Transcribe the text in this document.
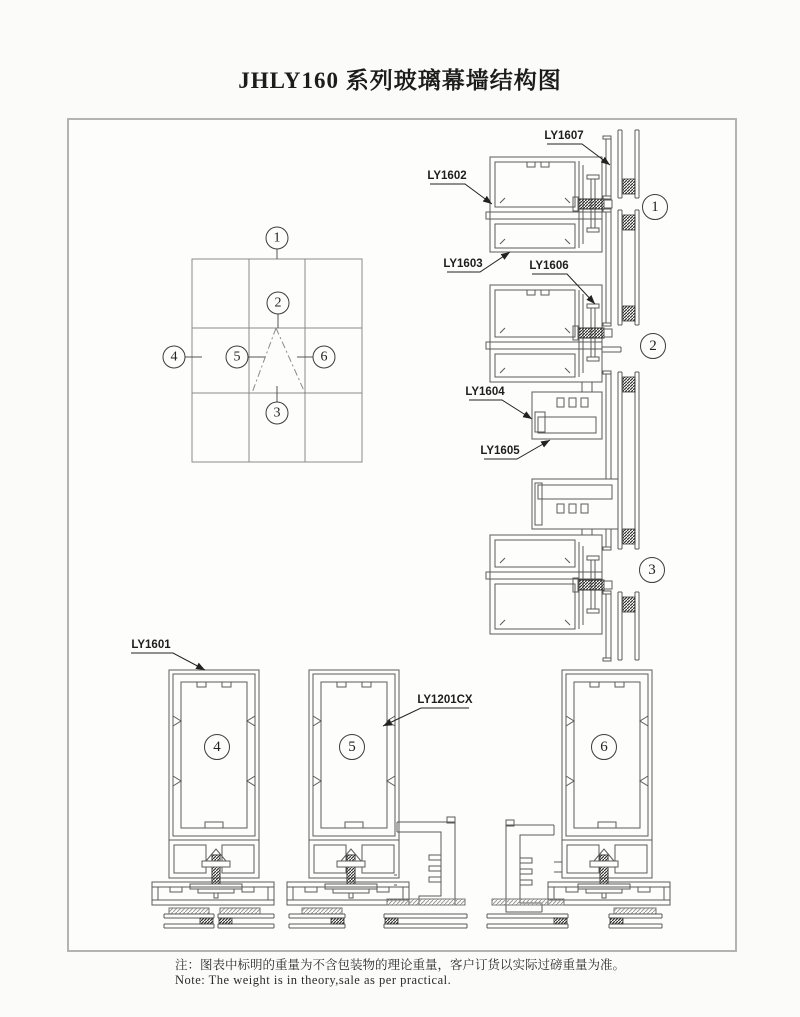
JHLY160 系列玻璃幕墙结构图
LY1607
LY1602
LY1603	LY1606
LY1604
LY1605
LY1601
LY1201CX
1
2
3
4	5	6
1
2
3
4	5	6
注：图表中标明的重量为不含包装物的理论重量，客户订货以实际过磅重量为准。
Note: The weight is in theory,sale as per practical.
